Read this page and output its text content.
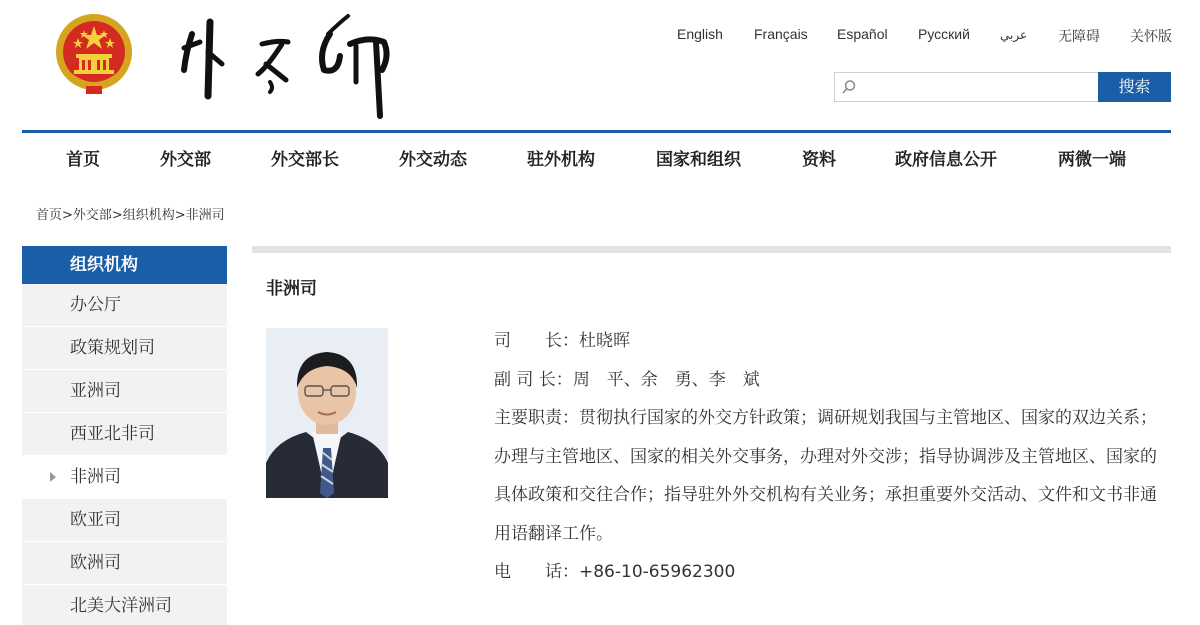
English Français Español Русский	عربي 无障碍 关怀版
搜索
首页	外交部	外交部长	外交动态	驻外机构	国家和组织	资料	政府信息公开	两微一端
首页>外交部>组织机构>非洲司
组织机构
办公厅
政策规划司
亚洲司
西亚北非司
非洲司
欧亚司
欧洲司
北美大洋洲司
非洲司
司　　长：杜晓晖
副 司 长：周　平、余　勇、李　斌
主要职责：贯彻执行国家的外交方针政策；调研规划我国与主管地区、国家的双边关系；办理与主管地区、国家的相关外交事务，办理对外交涉；指导协调涉及主管地区、国家的具体政策和交往合作；指导驻外外交机构有关业务；承担重要外交活动、文件和文书非通用语翻译工作。
电　　话：+86-10-65962300
